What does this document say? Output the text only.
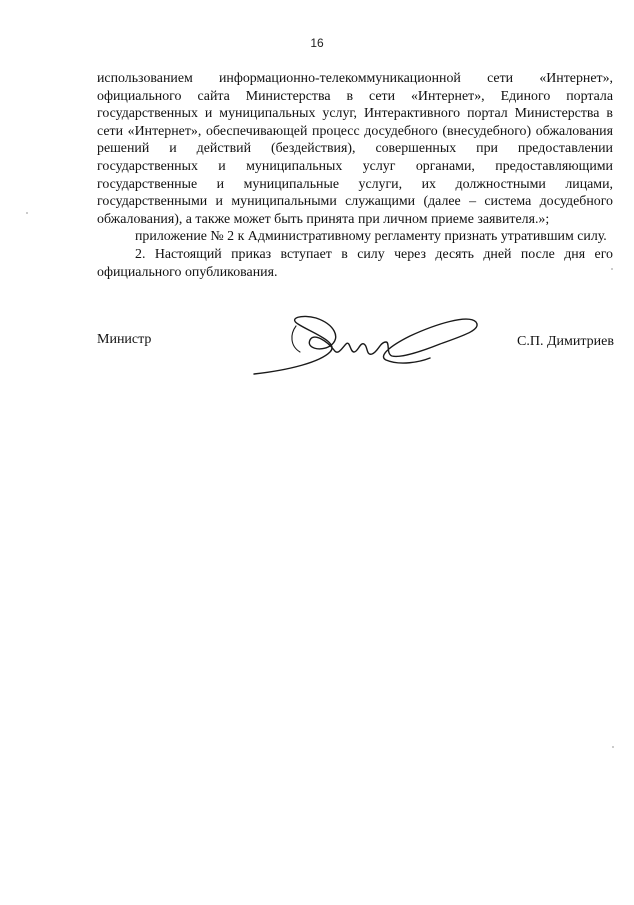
16

использованием информационно-телекоммуникационной сети «Интернет», официального сайта Министерства в сети «Интернет», Единого портала государственных и муниципальных услуг, Интерактивного портал Министерства в сети «Интернет», обеспечивающей процесс досудебного (внесудебного) обжалования решений и действий (бездействия), совершенных при предоставлении государственных и муниципальных услуг органами, предоставляющими государственные и муниципальные услуги, их должностными лицами, государственными и муниципальными служащими (далее – система досудебного обжалования), а также может быть принята при личном приеме заявителя.»;

приложение № 2 к Административному регламенту признать утратившим силу.

2. Настоящий приказ вступает в силу через десять дней после дня его официального опубликования.

Министр	С.П. Димитриев
